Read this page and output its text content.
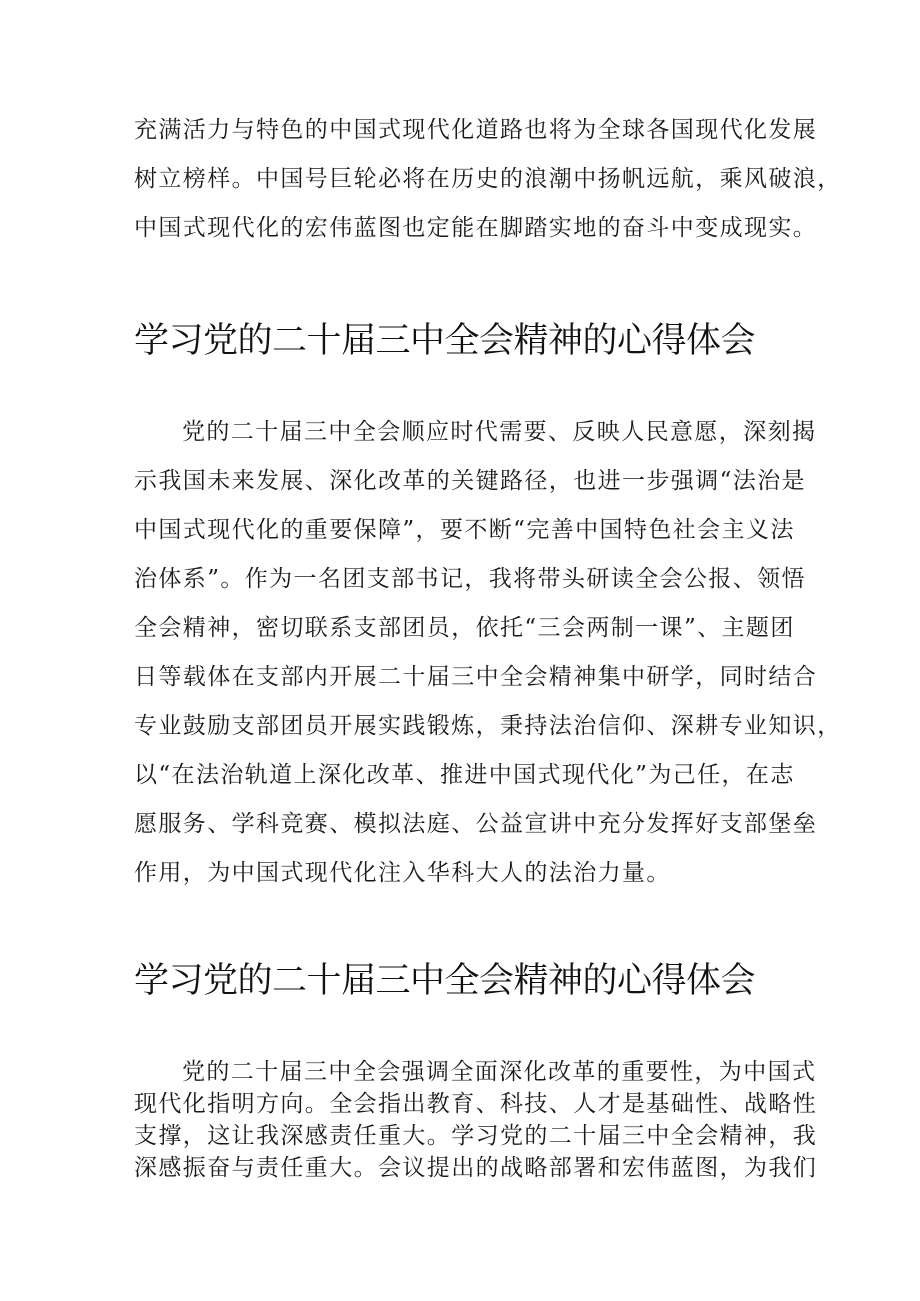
充满活力与特色的中国式现代化道路也将为全球各国现代化发展
树立榜样。中国号巨轮必将在历史的浪潮中扬帆远航，乘风破浪，
中国式现代化的宏伟蓝图也定能在脚踏实地的奋斗中变成现实。
学习党的二十届三中全会精神的心得体会
党的二十届三中全会顺应时代需要、反映人民意愿，深刻揭
示我国未来发展、深化改革的关键路径，也进一步强调“法治是
中国式现代化的重要保障”，要不断“完善中国特色社会主义法
治体系”。作为一名团支部书记，我将带头研读全会公报、领悟
全会精神，密切联系支部团员，依托“三会两制一课”、主题团
日等载体在支部内开展二十届三中全会精神集中研学，同时结合
专业鼓励支部团员开展实践锻炼，秉持法治信仰、深耕专业知识，
以“在法治轨道上深化改革、推进中国式现代化”为己任，在志
愿服务、学科竞赛、模拟法庭、公益宣讲中充分发挥好支部堡垒
作用，为中国式现代化注入华科大人的法治力量。
学习党的二十届三中全会精神的心得体会
党的二十届三中全会强调全面深化改革的重要性，为中国式
现代化指明方向。全会指出教育、科技、人才是基础性、战略性
支撑，这让我深感责任重大。学习党的二十届三中全会精神，我
深感振奋与责任重大。会议提出的战略部署和宏伟蓝图，为我们
